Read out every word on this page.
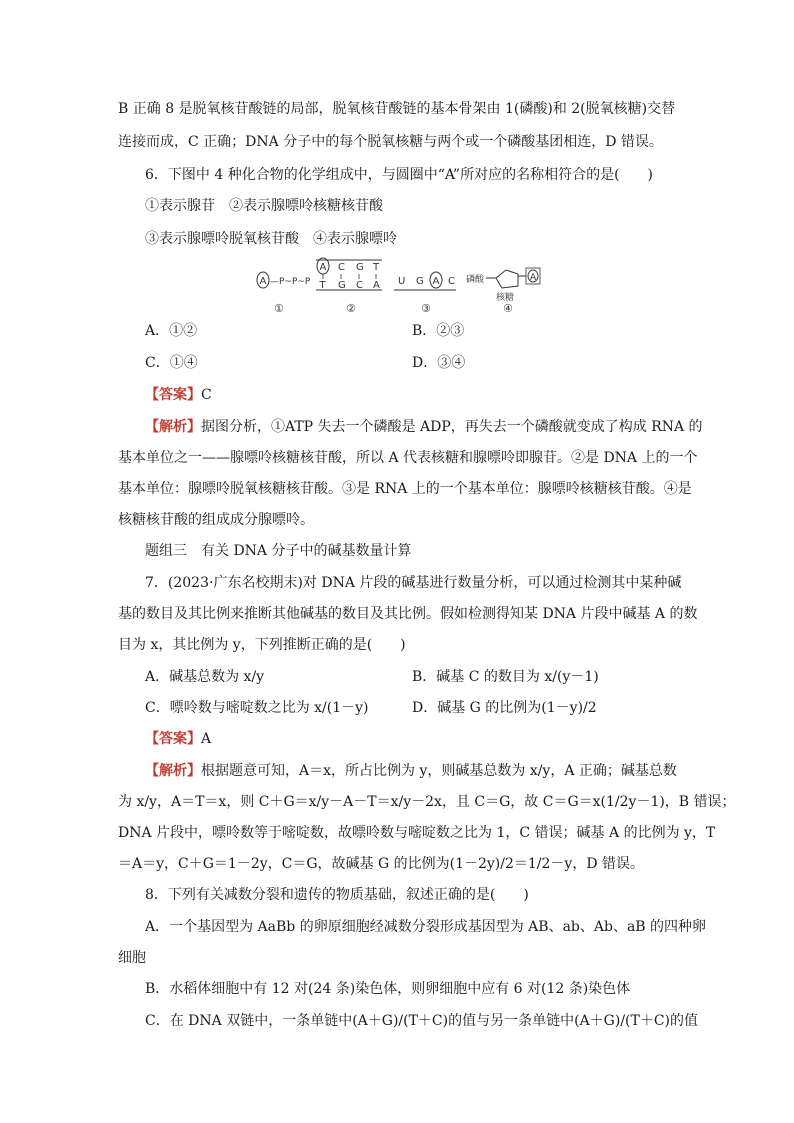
B 正确 8 是脱氧核苷酸链的局部，脱氧核苷酸链的基本骨架由 1(磷酸)和 2(脱氧核糖)交替
连接而成，C 正确；DNA 分子中的每个脱氧核糖与两个或一个磷酸基团相连，D 错误。
6．下图中 4 种化合物的化学组成中，与圆圈中“A”所对应的名称相符合的是(　　)
①表示腺苷　②表示腺嘌呤核糖核苷酸
③表示腺嘌呤脱氧核苷酸　④表示腺嘌呤
A —P~P~P
①
A C G T
T G C A
②
U G A C
③
磷酸	A
核糖
④
A．①②	B．②③
C．①④	D．③④
【答案】C
【解析】据图分析，①ATP 失去一个磷酸是 ADP，再失去一个磷酸就变成了构成 RNA 的
基本单位之一——腺嘌呤核糖核苷酸，所以 A 代表核糖和腺嘌呤即腺苷。②是 DNA 上的一个
基本单位：腺嘌呤脱氧核糖核苷酸。③是 RNA 上的一个基本单位：腺嘌呤核糖核苷酸。④是
核糖核苷酸的组成成分腺嘌呤。
题组三　有关 DNA 分子中的碱基数量计算
7．(2023·广东名校期末)对 DNA 片段的碱基进行数量分析，可以通过检测其中某种碱
基的数目及其比例来推断其他碱基的数目及其比例。假如检测得知某 DNA 片段中碱基 A 的数
目为 x，其比例为 y，下列推断正确的是(　　)
A．碱基总数为 x/y	B．碱基 C 的数目为 x/(y－1)
C．嘌呤数与嘧啶数之比为 x/(1－y)	D．碱基 G 的比例为(1－y)/2
【答案】A
【解析】根据题意可知，A＝x，所占比例为 y，则碱基总数为 x/y，A 正确；碱基总数
为 x/y，A＝T＝x，则 C＋G＝x/y－A－T＝x/y－2x，且 C＝G，故 C＝G＝x(1/2y－1)，B 错误；
DNA 片段中，嘌呤数等于嘧啶数，故嘌呤数与嘧啶数之比为 1，C 错误；碱基 A 的比例为 y，T
＝A＝y，C＋G＝1－2y，C＝G，故碱基 G 的比例为(1－2y)/2＝1/2－y，D 错误。
8．下列有关减数分裂和遗传的物质基础，叙述正确的是(　　)
A．一个基因型为 AaBb 的卵原细胞经减数分裂形成基因型为 AB、ab、Ab、aB 的四种卵
细胞
B．水稻体细胞中有 12 对(24 条)染色体，则卵细胞中应有 6 对(12 条)染色体
C．在 DNA 双链中，一条单链中(A＋G)/(T＋C)的值与另一条单链中(A＋G)/(T＋C)的值
